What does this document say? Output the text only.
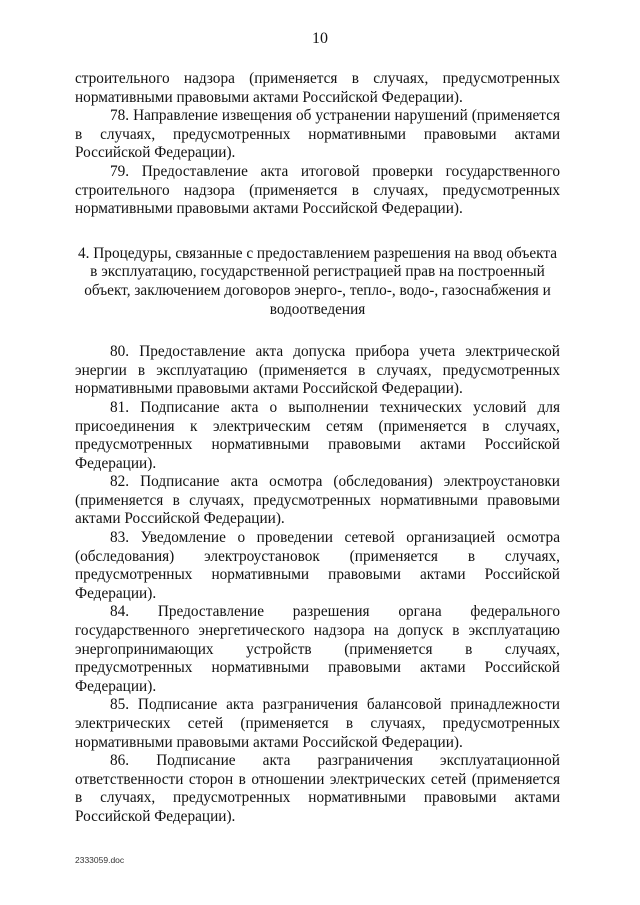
10

строительного надзора (применяется в случаях, предусмотренных нормативными правовыми актами Российской Федерации).

78. Направление извещения об устранении нарушений (применяется в случаях, предусмотренных нормативными правовыми актами Российской Федерации).

79. Предоставление акта итоговой проверки государственного строительного надзора (применяется в случаях, предусмотренных нормативными правовыми актами Российской Федерации).

4. Процедуры, связанные с предоставлением разрешения на ввод объекта в эксплуатацию, государственной регистрацией прав на построенный объект, заключением договоров энерго-, тепло-, водо-, газоснабжения и водоотведения

80. Предоставление акта допуска прибора учета электрической энергии в эксплуатацию (применяется в случаях, предусмотренных нормативными правовыми актами Российской Федерации).

81. Подписание акта о выполнении технических условий для присоединения к электрическим сетям (применяется в случаях, предусмотренных нормативными правовыми актами Российской Федерации).

82. Подписание акта осмотра (обследования) электроустановки (применяется в случаях, предусмотренных нормативными правовыми актами Российской Федерации).

83. Уведомление о проведении сетевой организацией осмотра (обследования) электроустановок (применяется в случаях, предусмотренных нормативными правовыми актами Российской Федерации).

84. Предоставление разрешения органа федерального государственного энергетического надзора на допуск в эксплуатацию энергопринимающих устройств (применяется в случаях, предусмотренных нормативными правовыми актами Российской Федерации).

85. Подписание акта разграничения балансовой принадлежности электрических сетей (применяется в случаях, предусмотренных нормативными правовыми актами Российской Федерации).

86. Подписание акта разграничения эксплуатационной ответственности сторон в отношении электрических сетей (применяется в случаях, предусмотренных нормативными правовыми актами Российской Федерации).

2333059.doc
